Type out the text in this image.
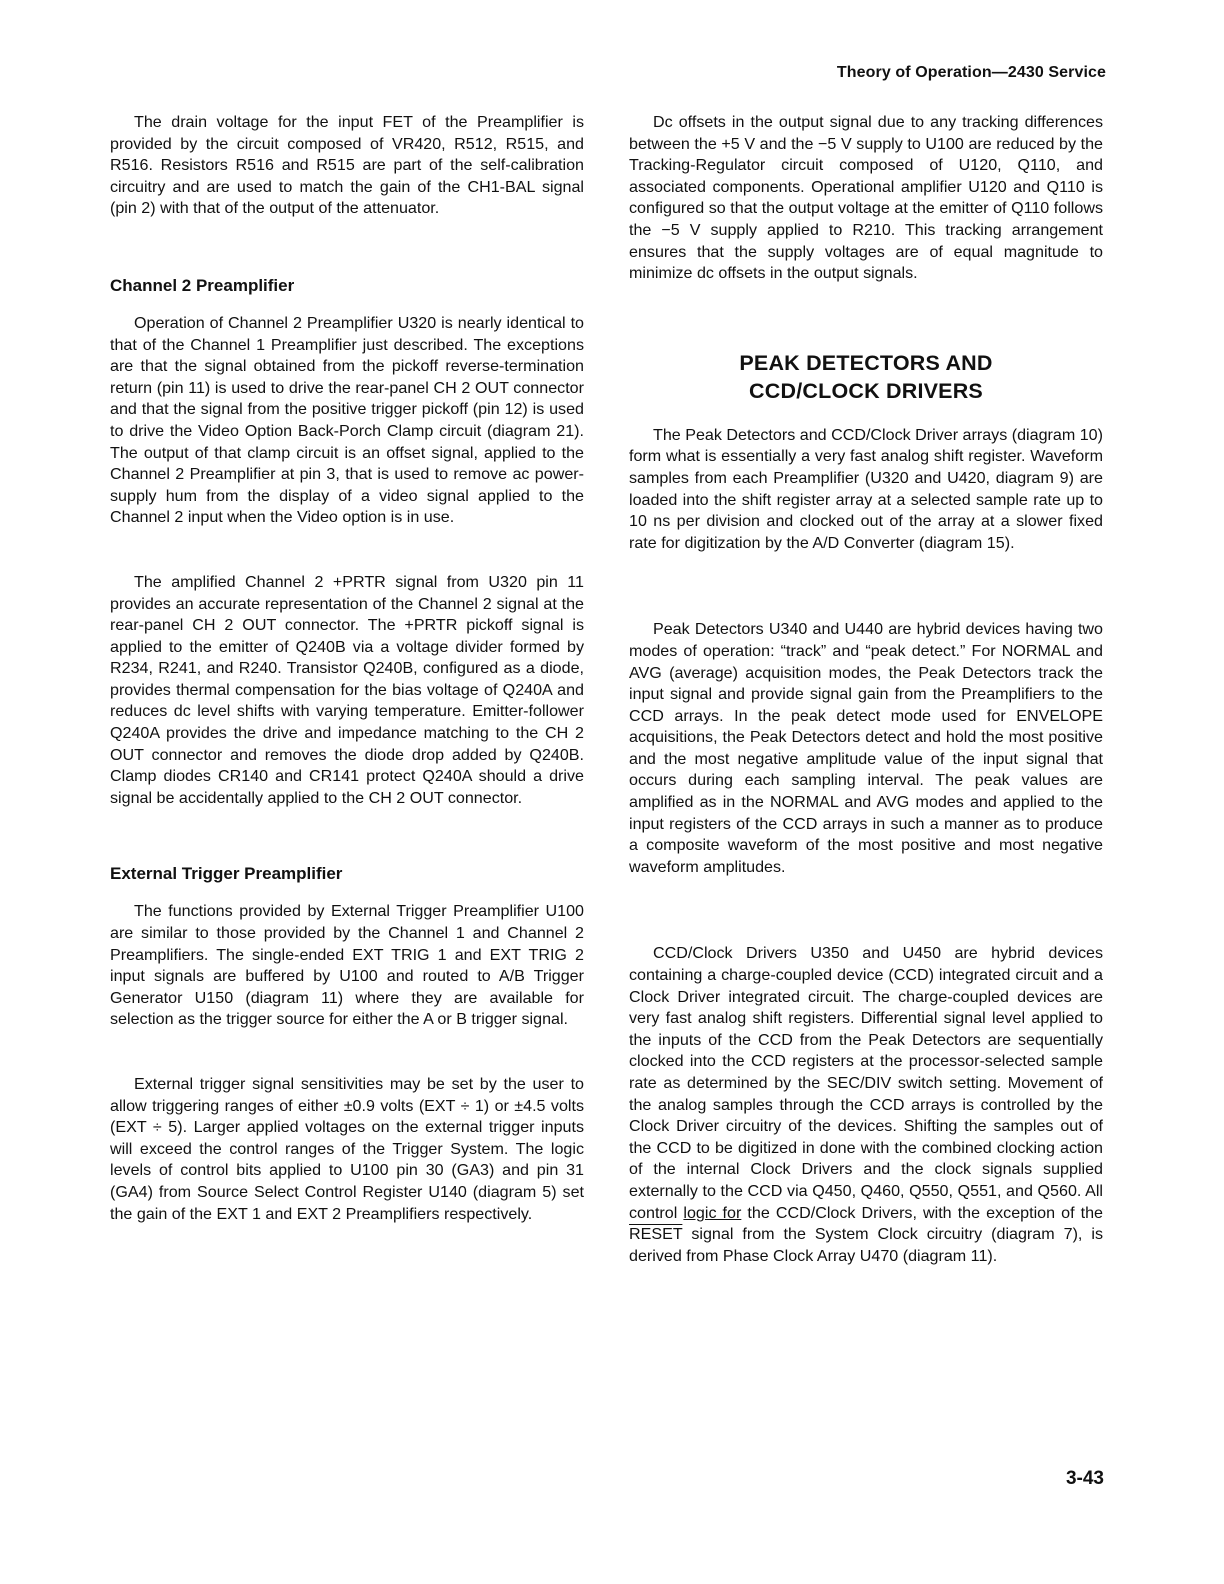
Theory of Operation—2430 Service

The drain voltage for the input FET of the Preamplifier is provided by the circuit composed of VR420, R512, R515, and R516. Resistors R516 and R515 are part of the self-calibration circuitry and are used to match the gain of the CH1-BAL signal (pin 2) with that of the output of the attenuator.

Channel 2 Preamplifier

Operation of Channel 2 Preamplifier U320 is nearly identical to that of the Channel 1 Preamplifier just described. The exceptions are that the signal obtained from the pickoff reverse-termination return (pin 11) is used to drive the rear-panel CH 2 OUT connector and that the signal from the positive trigger pickoff (pin 12) is used to drive the Video Option Back-Porch Clamp circuit (diagram 21). The output of that clamp circuit is an offset signal, applied to the Channel 2 Preamplifier at pin 3, that is used to remove ac power-supply hum from the display of a video signal applied to the Channel 2 input when the Video option is in use.

The amplified Channel 2 +PRTR signal from U320 pin 11 provides an accurate representation of the Channel 2 signal at the rear-panel CH 2 OUT connector. The +PRTR pickoff signal is applied to the emitter of Q240B via a voltage divider formed by R234, R241, and R240. Transistor Q240B, configured as a diode, provides thermal compensation for the bias voltage of Q240A and reduces dc level shifts with varying temperature. Emitter-follower Q240A provides the drive and impedance matching to the CH 2 OUT connector and removes the diode drop added by Q240B. Clamp diodes CR140 and CR141 protect Q240A should a drive signal be accidentally applied to the CH 2 OUT connector.

External Trigger Preamplifier

The functions provided by External Trigger Preamplifier U100 are similar to those provided by the Channel 1 and Channel 2 Preamplifiers. The single-ended EXT TRIG 1 and EXT TRIG 2 input signals are buffered by U100 and routed to A/B Trigger Generator U150 (diagram 11) where they are available for selection as the trigger source for either the A or B trigger signal.

External trigger signal sensitivities may be set by the user to allow triggering ranges of either ±0.9 volts (EXT ÷ 1) or ±4.5 volts (EXT ÷ 5). Larger applied voltages on the external trigger inputs will exceed the control ranges of the Trigger System. The logic levels of control bits applied to U100 pin 30 (GA3) and pin 31 (GA4) from Source Select Control Register U140 (diagram 5) set the gain of the EXT 1 and EXT 2 Preamplifiers respectively.

Dc offsets in the output signal due to any tracking differences between the +5 V and the −5 V supply to U100 are reduced by the Tracking-Regulator circuit composed of U120, Q110, and associated components. Operational amplifier U120 and Q110 is configured so that the output voltage at the emitter of Q110 follows the −5 V supply applied to R210. This tracking arrangement ensures that the supply voltages are of equal magnitude to minimize dc offsets in the output signals.

PEAK DETECTORS AND
CCD/CLOCK DRIVERS

The Peak Detectors and CCD/Clock Driver arrays (diagram 10) form what is essentially a very fast analog shift register. Waveform samples from each Preamplifier (U320 and U420, diagram 9) are loaded into the shift register array at a selected sample rate up to 10 ns per division and clocked out of the array at a slower fixed rate for digitization by the A/D Converter (diagram 15).

Peak Detectors U340 and U440 are hybrid devices having two modes of operation: “track” and “peak detect.” For NORMAL and AVG (average) acquisition modes, the Peak Detectors track the input signal and provide signal gain from the Preamplifiers to the CCD arrays. In the peak detect mode used for ENVELOPE acquisitions, the Peak Detectors detect and hold the most positive and the most negative amplitude value of the input signal that occurs during each sampling interval. The peak values are amplified as in the NORMAL and AVG modes and applied to the input registers of the CCD arrays in such a manner as to produce a composite waveform of the most positive and most negative waveform amplitudes.

CCD/Clock Drivers U350 and U450 are hybrid devices containing a charge-coupled device (CCD) integrated circuit and a Clock Driver integrated circuit. The charge-coupled devices are very fast analog shift registers. Differential signal level applied to the inputs of the CCD from the Peak Detectors are sequentially clocked into the CCD registers at the processor-selected sample rate as determined by the SEC/DIV switch setting. Movement of the analog samples through the CCD arrays is controlled by the Clock Driver circuitry of the devices. Shifting the samples out of the CCD to be digitized in done with the combined clocking action of the internal Clock Drivers and the clock signals supplied externally to the CCD via Q450, Q460, Q550, Q551, and Q560. All control logic for the CCD/Clock Drivers, with the exception of the RESET signal from the System Clock circuitry (diagram 7), is derived from Phase Clock Array U470 (diagram 11).

3-43
